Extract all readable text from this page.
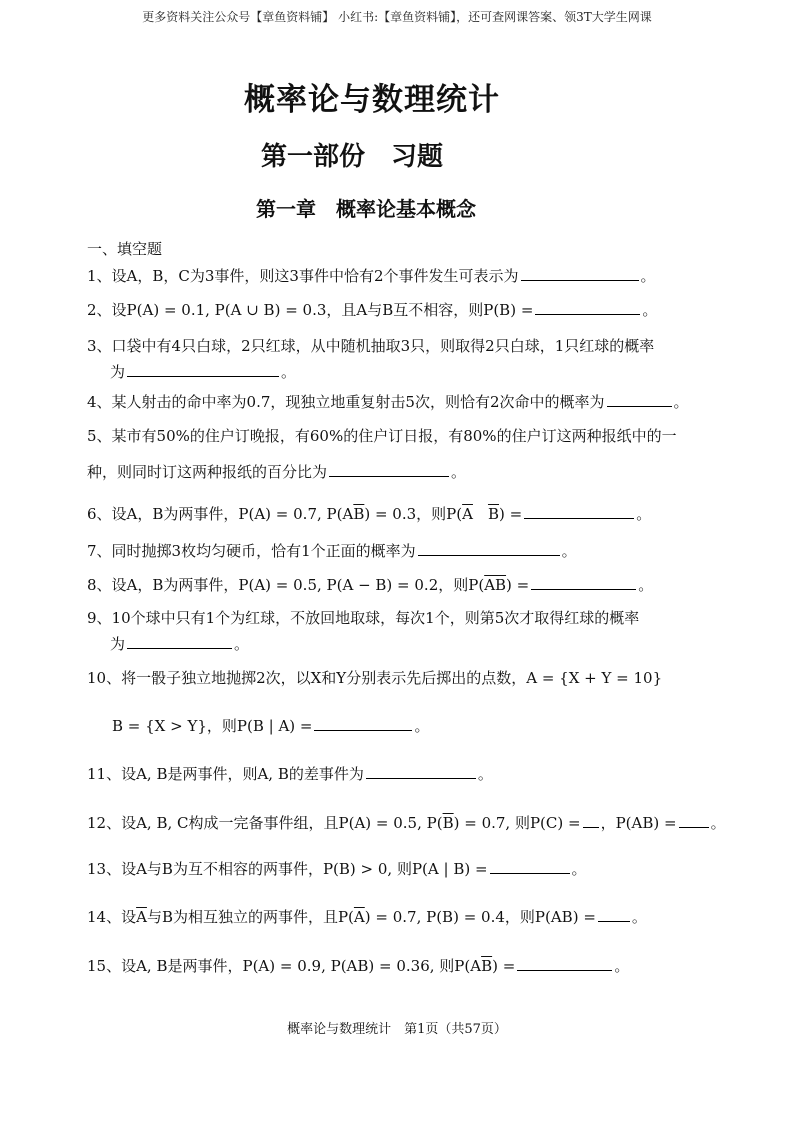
更多资料关注公众号【章鱼资料铺】 小红书:【章鱼资料铺】，还可查网课答案、领3T大学生网课
概率论与数理统计
第一部份　习题
第一章　概率论基本概念
一、填空题
1、设A，B，C为3事件，则这3事件中恰有2个事件发生可表示为	。
2、设P(A) = 0.1, P(A ∪ B) = 0.3，且A与B互不相容，则P(B) =	。
3、口袋中有4只白球，2只红球，从中随机抽取3只，则取得2只白球，1只红球的概率
为	。
4、某人射击的命中率为0.7，现独立地重复射击5次，则恰有2次命中的概率为	。
5、某市有50%的住户订晚报，有60%的住户订日报，有80%的住户订这两种报纸中的一
种，则同时订这两种报纸的百分比为	。
6、设A，B为两事件，P(A) = 0.7, $P(A\overline{B}) = 0.3$，则$P(\overline{A}$　 $\overline{B}$) =	。
7、同时抛掷3枚均匀硬币，恰有1个正面的概率为	。
8、设A，B为两事件，P(A) = 0.5, P(A − B) = 0.2，则$P(\overline{AB})$ =	。
9、10个球中只有1个为红球，不放回地取球，每次1个，则第5次才取得红球的概率
为	。
10、将一骰子独立地抛掷2次，以X和Y分别表示先后掷出的点数，A = {X + Y = 10}
B = {X > Y}，则P(B | A) =	。
11、设A, B是两事件，则A, B的差事件为	。
12、设A, B, C构成一完备事件组，且P(A) = 0.5, $P(\overline{B}) = 0.7$, 则P(C) = ，P(AB) = 。
13、设A与B为互不相容的两事件，P(B) > 0, 则P(A | B) =	。
14、设$\overline{A}$与B为相互独立的两事件，且$P(\overline{A}) = 0.7$, P(B) = 0.4，则P(AB) = 。
15、设A, B是两事件，P(A) = 0.9, P(AB) = 0.36, 则$P(A\overline{B})$ =	。
概率论与数理统计　第1页（共57页）
